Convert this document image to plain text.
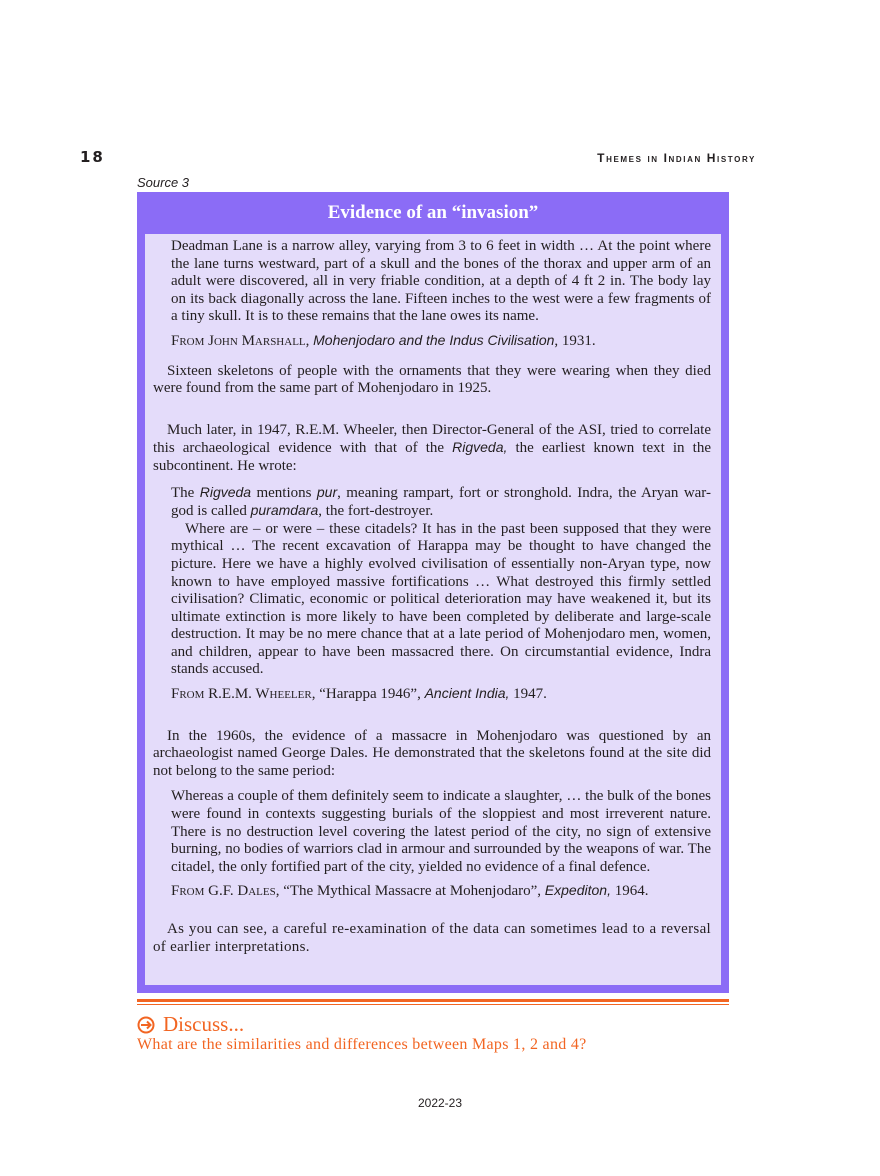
18	Themes in Indian History
Source 3
Evidence of an “invasion”

Deadman Lane is a narrow alley, varying from 3 to 6 feet in width … At the point where the lane turns westward, part of a skull and the bones of the thorax and upper arm of an adult were discovered, all in very friable condition, at a depth of 4 ft 2 in. The body lay on its back diagonally across the lane. Fifteen inches to the west were a few fragments of a tiny skull. It is to these remains that the lane owes its name.

From John Marshall, Mohenjodaro and the Indus Civilisation, 1931.

Sixteen skeletons of people with the ornaments that they were wearing when they died were found from the same part of Mohenjodaro in 1925.

Much later, in 1947, R.E.M. Wheeler, then Director-General of the ASI, tried to correlate this archaeological evidence with that of the Rigveda, the earliest known text in the subcontinent. He wrote:

The Rigveda mentions pur, meaning rampart, fort or stronghold. Indra, the Aryan war-god is called puramdara, the fort-destroyer.

Where are – or were – these citadels? It has in the past been supposed that they were mythical … The recent excavation of Harappa may be thought to have changed the picture. Here we have a highly evolved civilisation of essentially non-Aryan type, now known to have employed massive fortifications … What destroyed this firmly settled civilisation? Climatic, economic or political deterioration may have weakened it, but its ultimate extinction is more likely to have been completed by deliberate and large-scale destruction. It may be no mere chance that at a late period of Mohenjodaro men, women, and children, appear to have been massacred there. On circumstantial evidence, Indra stands accused.

From R.E.M. Wheeler, “Harappa 1946”, Ancient India, 1947.

In the 1960s, the evidence of a massacre in Mohenjodaro was questioned by an archaeologist named George Dales. He demonstrated that the skeletons found at the site did not belong to the same period:

Whereas a couple of them definitely seem to indicate a slaughter, … the bulk of the bones were found in contexts suggesting burials of the sloppiest and most irreverent nature. There is no destruction level covering the latest period of the city, no sign of extensive burning, no bodies of warriors clad in armour and surrounded by the weapons of war. The citadel, the only fortified part of the city, yielded no evidence of a final defence.

From G.F. Dales, “The Mythical Massacre at Mohenjodaro”, Expediton, 1964.

As you can see, a careful re-examination of the data can sometimes lead to a reversal of earlier interpretations.

Discuss...
What are the similarities and differences between Maps 1, 2 and 4?
2022-23
